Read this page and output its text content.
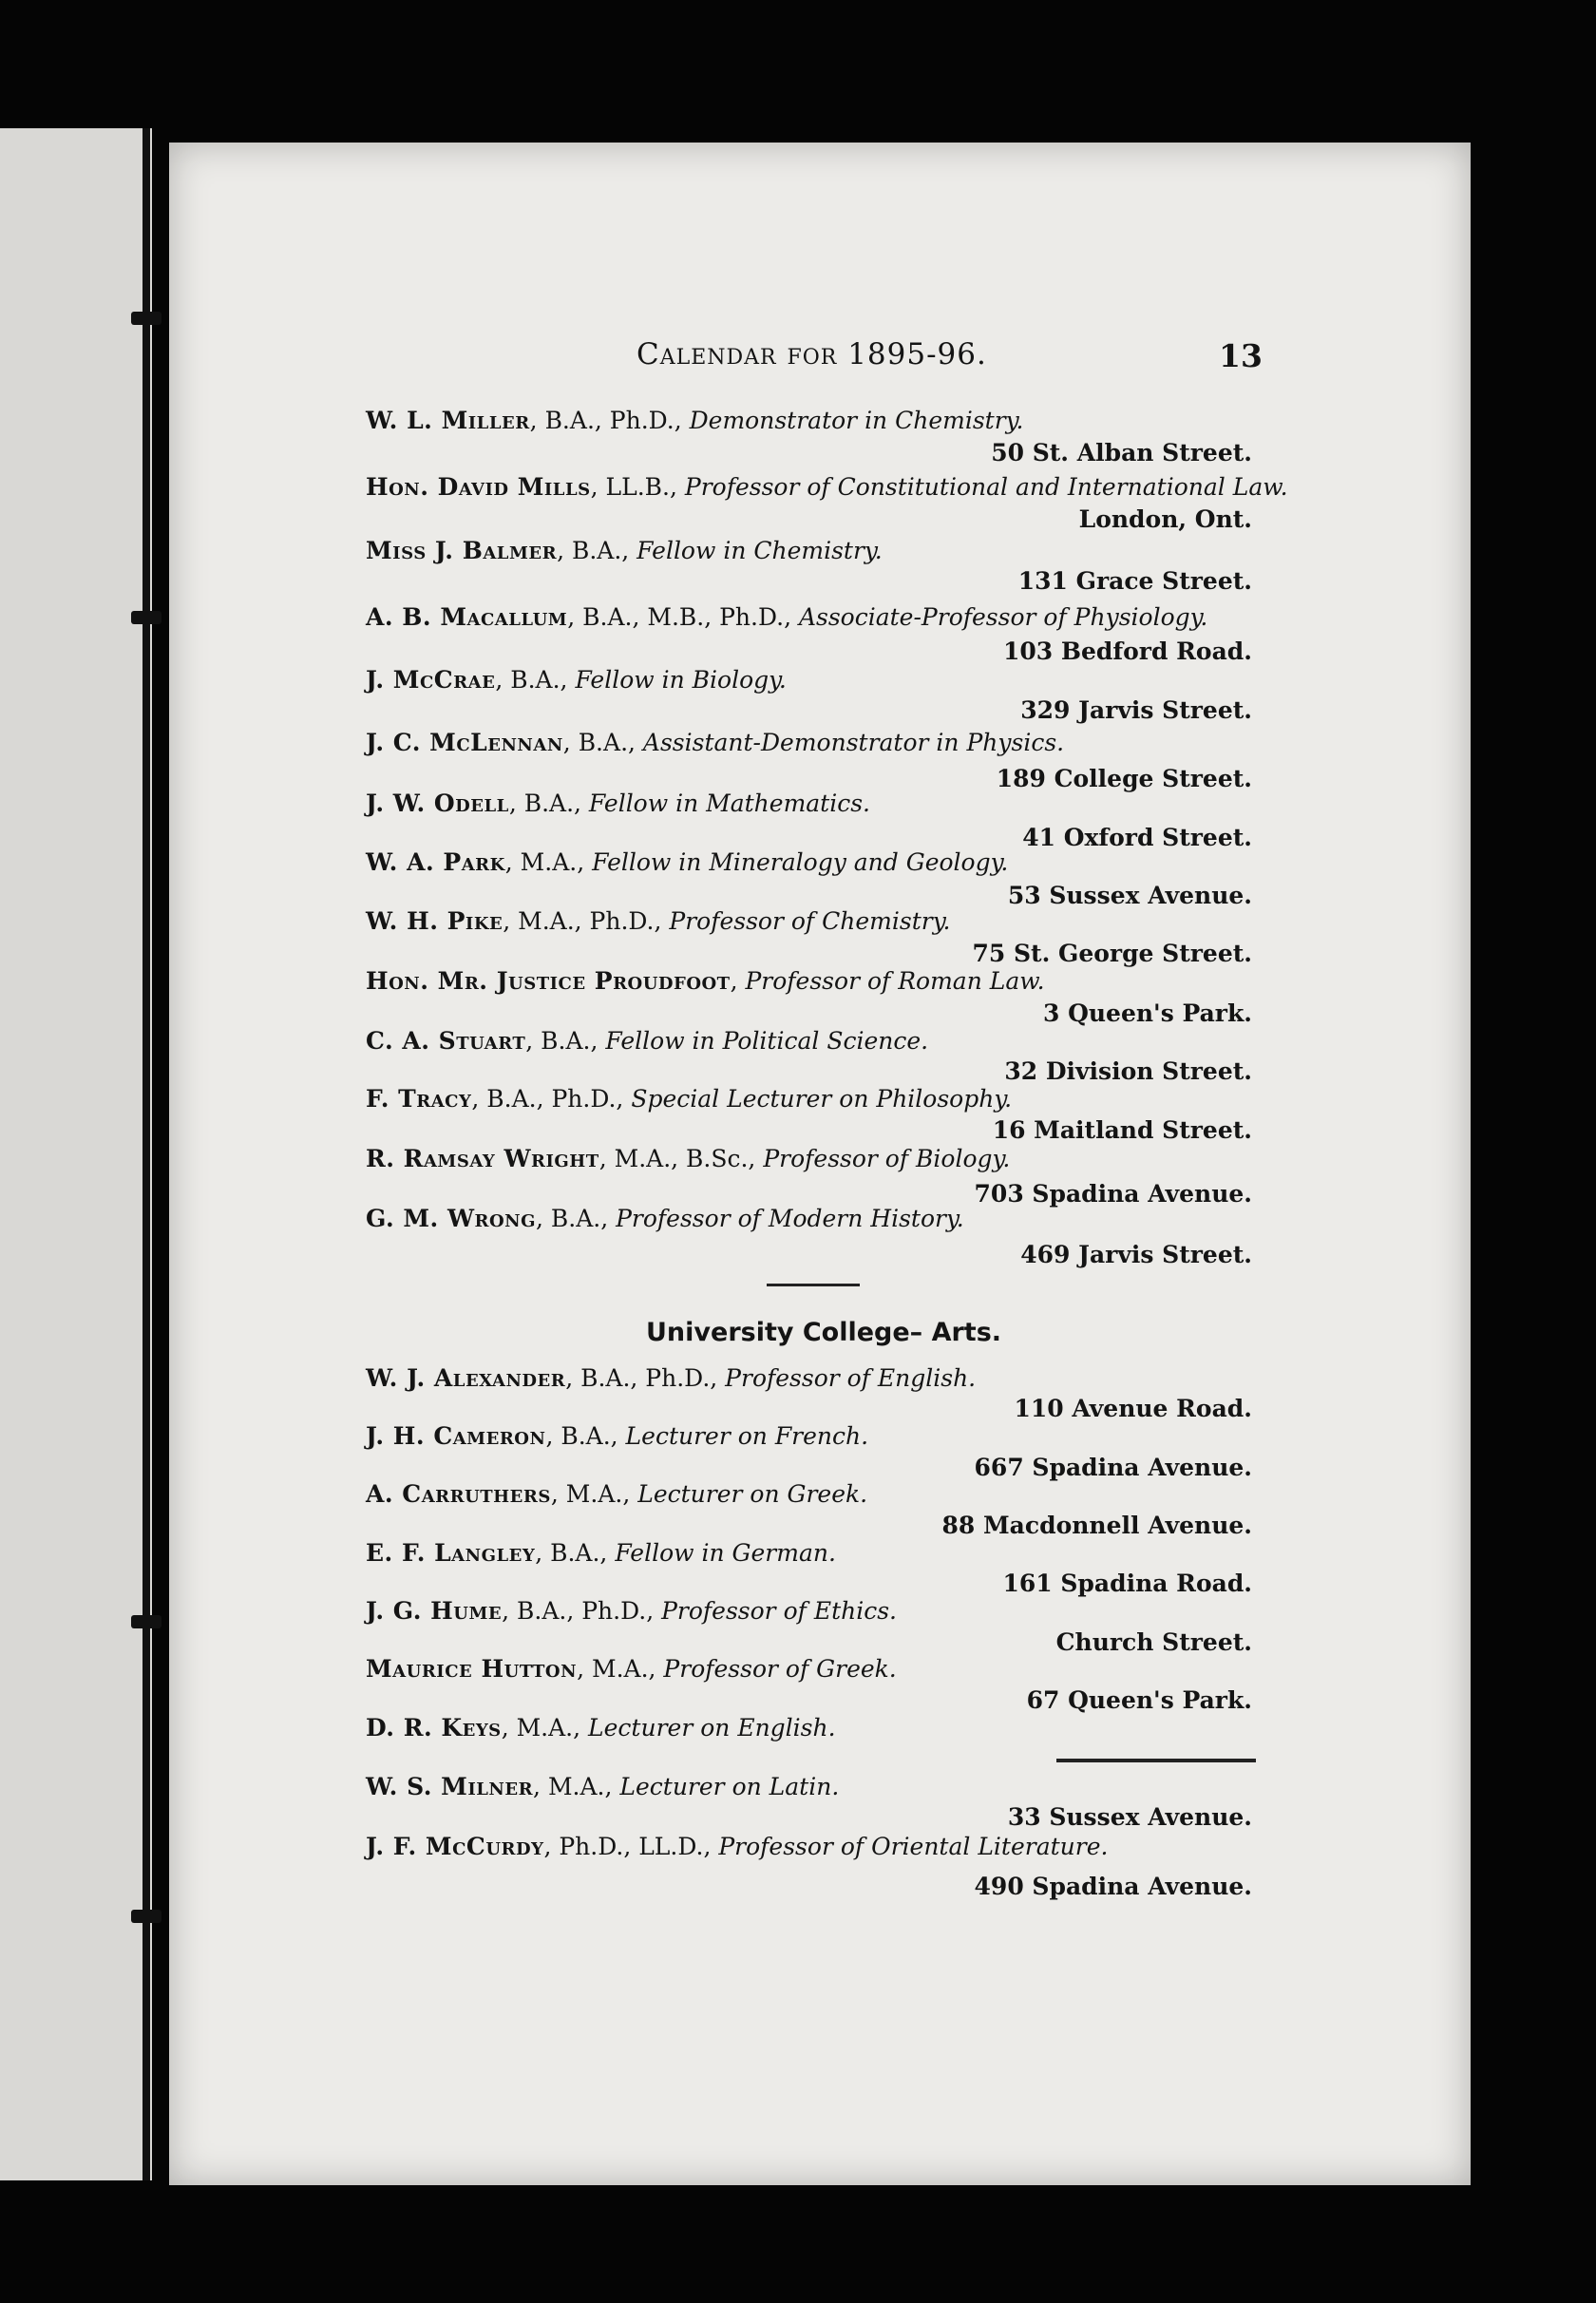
Calendar for 1895-96.	13
W. L. Miller, B.A., Ph.D., Demonstrator in Chemistry.
50 St. Alban Street.
Hon. David Mills, LL.B., Professor of Constitutional and International Law.
London, Ont.
Miss J. Balmer, B.A., Fellow in Chemistry.
131 Grace Street.
A. B. Macallum, B.A., M.B., Ph.D., Associate-Professor of Physiology.
103 Bedford Road.
J. McCrae, B.A., Fellow in Biology.
329 Jarvis Street.
J. C. McLennan, B.A., Assistant-Demonstrator in Physics.
189 College Street.
J. W. Odell, B.A., Fellow in Mathematics.
41 Oxford Street.
W. A. Park, M.A., Fellow in Mineralogy and Geology.
53 Sussex Avenue.
W. H. Pike, M.A., Ph.D., Professor of Chemistry.
75 St. George Street.
Hon. Mr. Justice Proudfoot, Professor of Roman Law.
3 Queen's Park.
C. A. Stuart, B.A., Fellow in Political Science.
32 Division Street.
F. Tracy, B.A., Ph.D., Special Lecturer on Philosophy.
16 Maitland Street.
R. Ramsay Wright, M.A., B.Sc., Professor of Biology.
703 Spadina Avenue.
G. M. Wrong, B.A., Professor of Modern History.
469 Jarvis Street.
University College– Arts.
W. J. Alexander, B.A., Ph.D., Professor of English.
110 Avenue Road.
J. H. Cameron, B.A., Lecturer on French.
667 Spadina Avenue.
A. Carruthers, M.A., Lecturer on Greek.
88 Macdonnell Avenue.
E. F. Langley, B.A., Fellow in German.
161 Spadina Road.
J. G. Hume, B.A., Ph.D., Professor of Ethics.
Church Street.
Maurice Hutton, M.A., Professor of Greek.
67 Queen's Park.
D. R. Keys, M.A., Lecturer on English.
W. S. Milner, M.A., Lecturer on Latin.
33 Sussex Avenue.
J. F. McCurdy, Ph.D., LL.D., Professor of Oriental Literature.
490 Spadina Avenue.
